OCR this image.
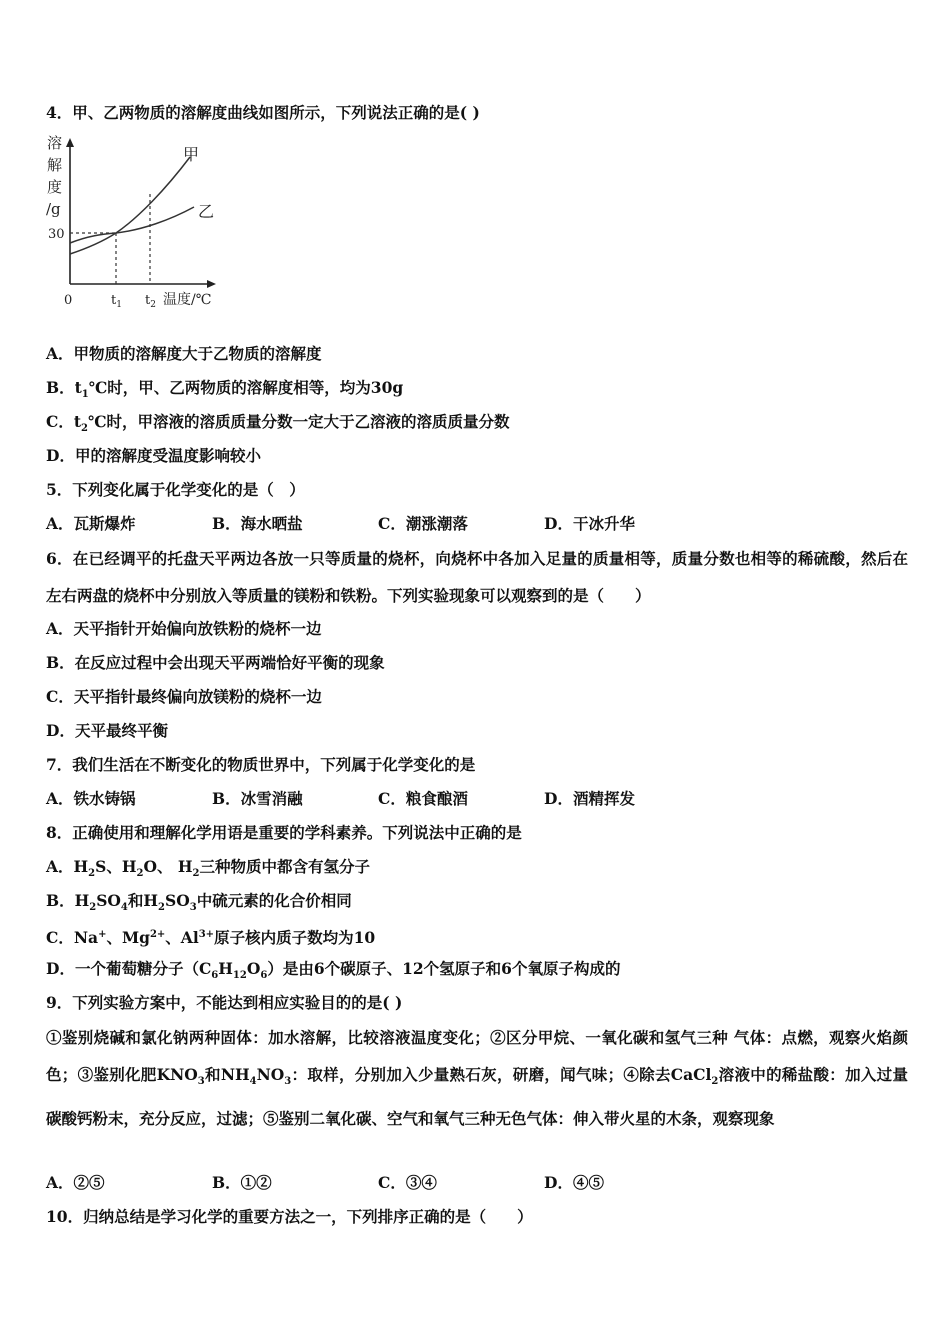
4．甲、乙两物质的溶解度曲线如图所示，下列说法正确的是( )
溶
解
度
/g
甲
乙
30
0	$t_1$ $t_2$ 温度/℃
A．甲物质的溶解度大于乙物质的溶解度
B．$t_1℃$时，甲、乙两物质的溶解度相等，均为30g
C．$t_2℃$时，甲溶液的溶质质量分数一定大于乙溶液的溶质质量分数
D．甲的溶解度受温度影响较小
5．下列变化属于化学变化的是（　）
A．瓦斯爆炸	B．海水晒盐	C．潮涨潮落	D．干冰升华
6．在已经调平的托盘天平两边各放一只等质量的烧杯，向烧杯中各加入足量的质量相等，质量分数也相等的稀硫酸，然后在左右两盘的烧杯中分别放入等质量的镁粉和铁粉。下列实验现象可以观察到的是（　　）
A．天平指针开始偏向放铁粉的烧杯一边
B．在反应过程中会出现天平两端恰好平衡的现象
C．天平指针最终偏向放镁粉的烧杯一边
D．天平最终平衡
7．我们生活在不断变化的物质世界中，下列属于化学变化的是
A．铁水铸锅	B．冰雪消融	C．粮食酿酒	D．酒精挥发
8．正确使用和理解化学用语是重要的学科素养。下列说法中正确的是
A．$H_2S$、$H_2O$、 $H_2$三种物质中都含有氢分子
B．$H_2SO_4$和$H_2SO_3$中硫元素的化合价相同
C．Na+、$Mg^{2+}$、$Al^{3+}$原子核内质子数均为10
D．一个葡萄糖分子$(C_6H_{12}O_6)$是由6个碳原子、12个氢原子和6个氧原子构成的
9．下列实验方案中，不能达到相应实验目的的是( )
①鉴别烧碱和氯化钠两种固体：加水溶解，比较溶液温度变化；②区分甲烷、一氧化碳和氢气三种 气体：点燃，观察火焰颜色；③鉴别化肥$KNO_3$和$NH_4NO_3$：取样，分别加入少量熟石灰，研磨，闻气味；④除去CaCl$_2$溶液中的稀盐酸：加入过量碳酸钙粉末，充分反应，过滤；⑤鉴别二氧化碳、空气和氧气三种无色气体：伸入带火星的木条，观察现象
A．②⑤	B．①②	C．③④	D．④⑤
10．归纳总结是学习化学的重要方法之一，下列排序正确的是（　　）
